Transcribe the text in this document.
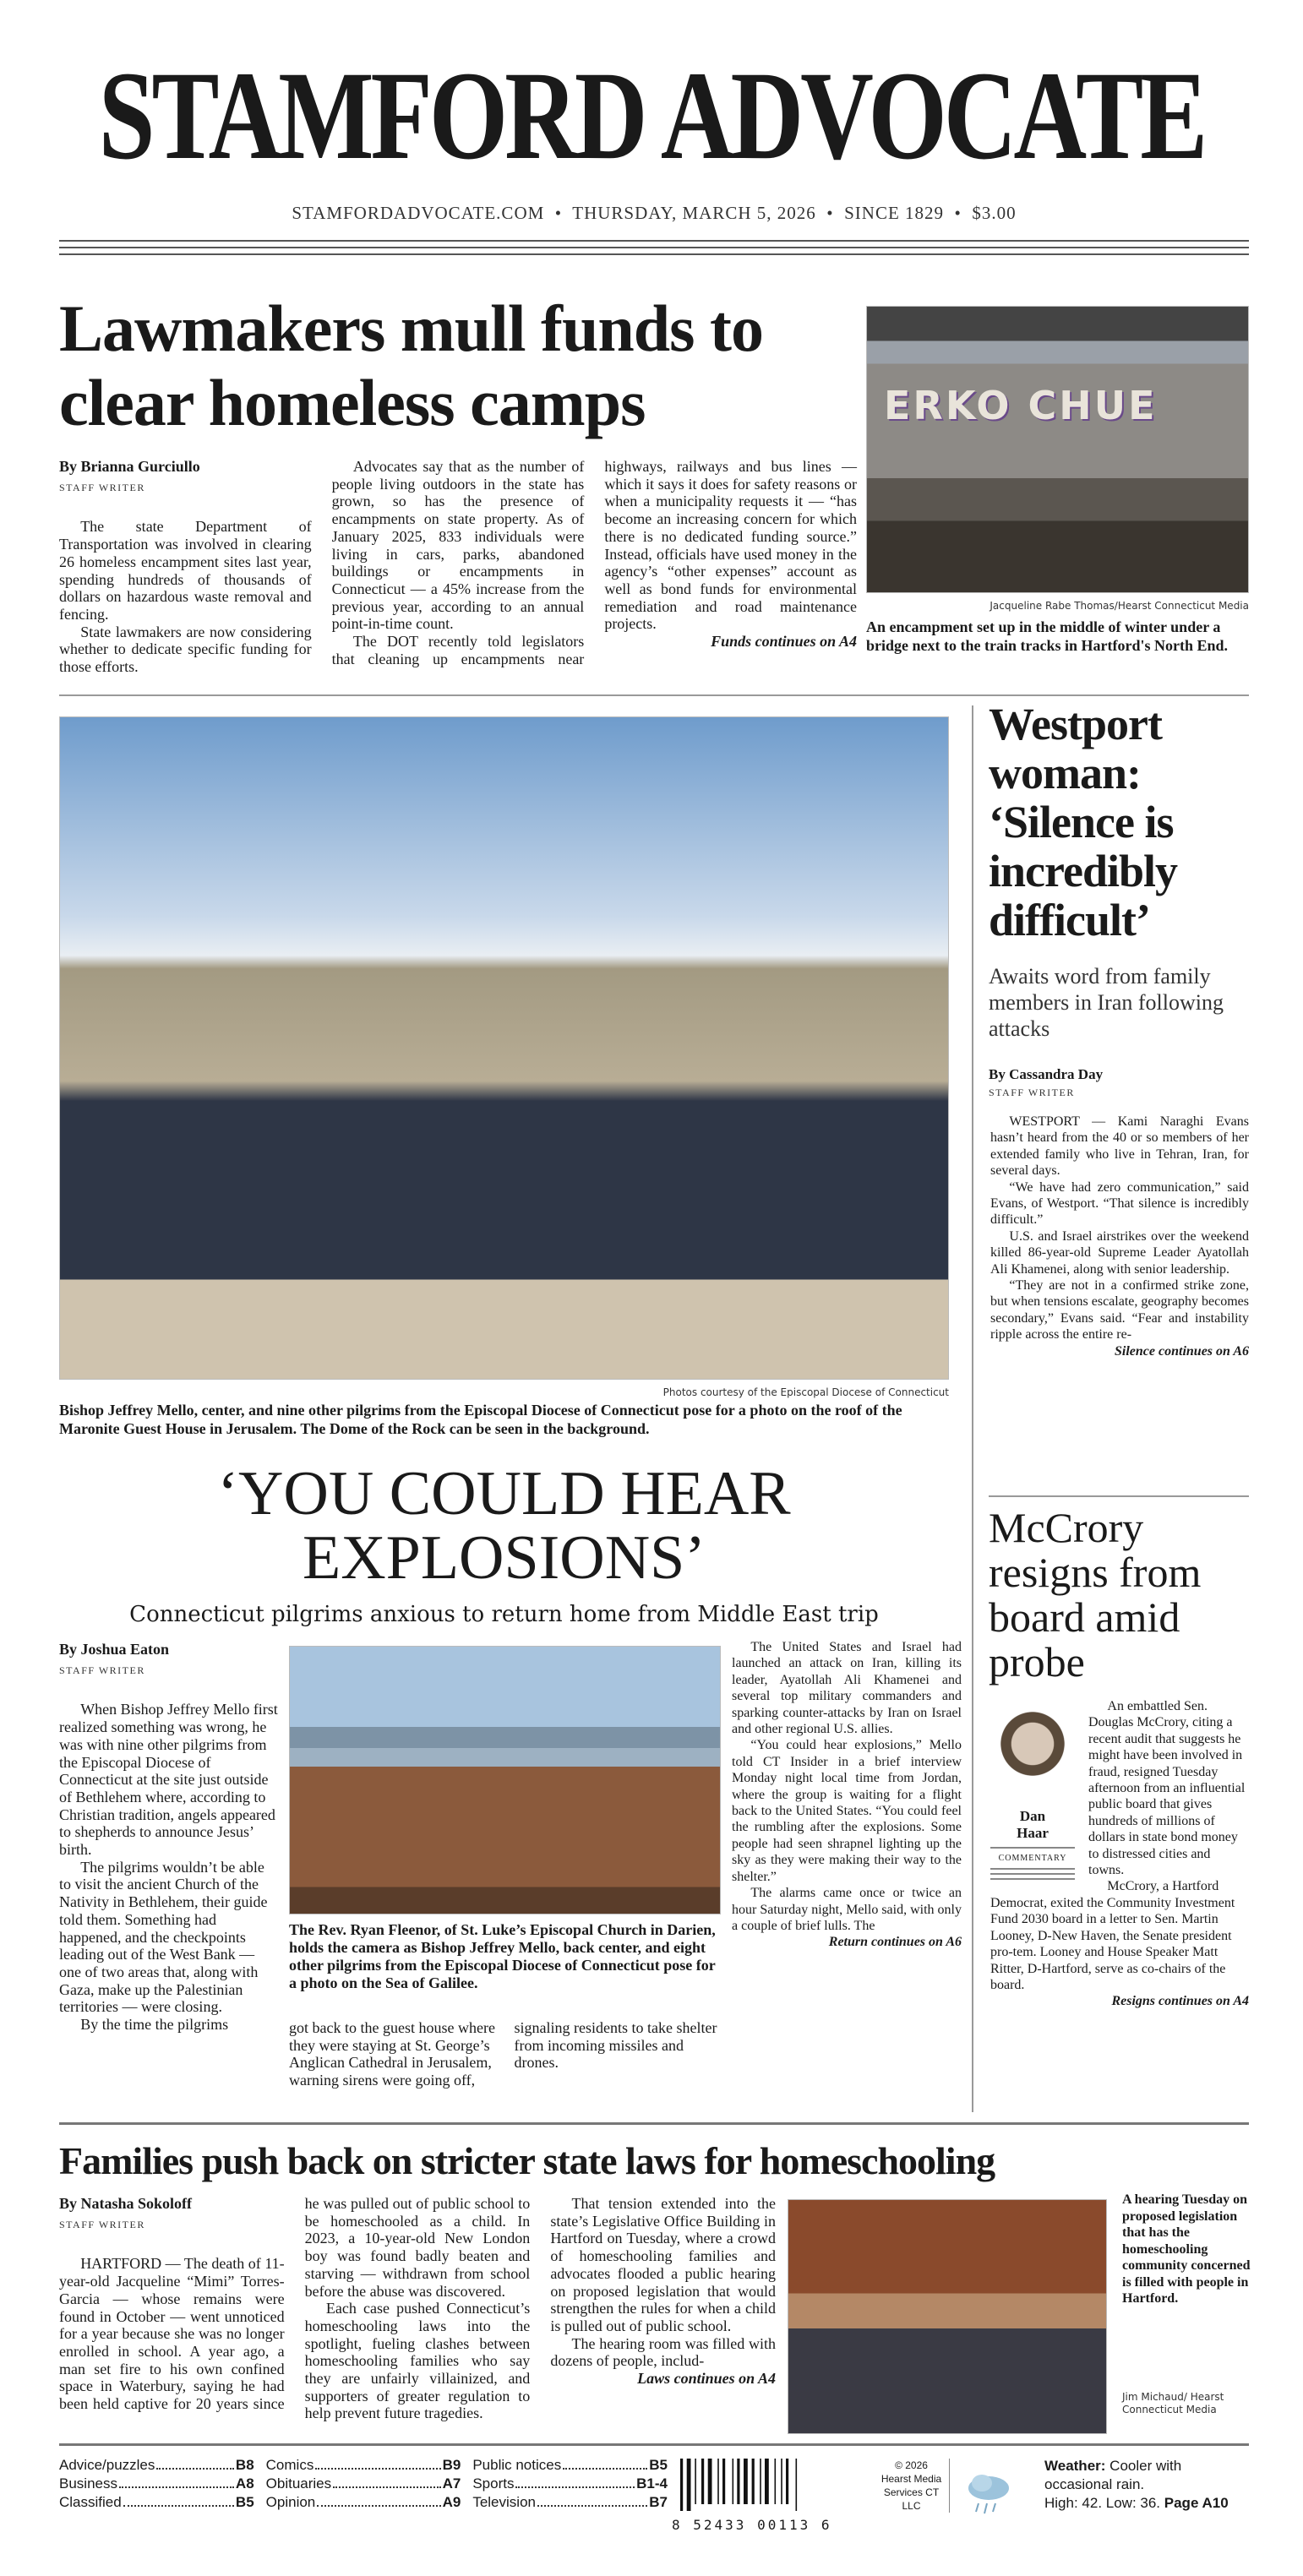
STAMFORD ADVOCATE
STAMFORDADVOCATE.COM  •  THURSDAY, MARCH 5, 2026  •  SINCE 1829  •  $3.00
Lawmakers mull funds to clear homeless camps
By Brianna Gurciullo
STAFF WRITER

The state Department of Transportation was involved in clearing 26 homeless encampment sites last year, spending hundreds of thousands of dollars on hazardous waste removal and fencing.

State lawmakers are now considering whether to dedicate specific funding for those efforts.

Advocates say that as the number of people living outdoors in the state has grown, so has the presence of encampments on state property. As of January 2025, 833 individuals were living in cars, parks, abandoned buildings or encampments in Connecticut — a 45% increase from the previous year, according to an annual point-in-time count.

The DOT recently told legislators that cleaning up encampments near highways, railways and bus lines — which it says it does for safety reasons or when a municipality requests it — “has become an increasing concern for which there is no dedicated funding source.” Instead, officials have used money in the agency’s “other expenses” account as well as bond funds for environmental remediation and road maintenance projects.

Funds continues on A4
ERKO CHUE
Jacqueline Rabe Thomas/Hearst Connecticut Media
An encampment set up in the middle of winter under a bridge next to the train tracks in Hartford's North End.
Photos courtesy of the Episcopal Diocese of Connecticut
Bishop Jeffrey Mello, center, and nine other pilgrims from the Episcopal Diocese of Connecticut pose for a photo on the roof of the Maronite Guest House in Jerusalem. The Dome of the Rock can be seen in the background.
‘YOU COULD HEAR EXPLOSIONS’
Connecticut pilgrims anxious to return home from Middle East trip
By Joshua Eaton
STAFF WRITER

When Bishop Jeffrey Mello first realized something was wrong, he was with nine other pilgrims from the Episcopal Diocese of Connecticut at the site just outside of Bethlehem where, according to Christian tradition, angels appeared to shepherds to announce Jesus’ birth.

The pilgrims wouldn’t be able to visit the ancient Church of the Nativity in Bethlehem, their guide told them. Something had happened, and the checkpoints leading out of the West Bank — one of two areas that, along with Gaza, make up the Palestinian territories — were closing.

By the time the pilgrims

The Rev. Ryan Fleenor, of St. Luke’s Episcopal Church in Darien, holds the camera as Bishop Jeffrey Mello, back center, and eight other pilgrims from the Episcopal Diocese of Connecticut pose for a photo on the Sea of Galilee.

got back to the guest house where they were staying at St. George’s Anglican Cathedral in Jerusalem, warning sirens were going off, signaling residents to take shelter from incoming missiles and drones.

The United States and Israel had launched an attack on Iran, killing its leader, Ayatollah Ali Khamenei and several top military commanders and sparking counter-attacks by Iran on Israel and other regional U.S. allies.

“You could hear explosions,” Mello told CT Insider in a brief interview Monday night local time from Jordan, where the group is waiting for a flight back to the United States. “You could feel the rumbling after the explosions. Some people had seen shrapnel lighting up the sky as they were making their way to the shelter.”

The alarms came once or twice an hour Saturday night, Mello said, with only a couple of brief lulls. The

Return continues on A6
Westport woman: ‘Silence is incredibly difficult’
Awaits word from family members in Iran following attacks
By Cassandra Day
STAFF WRITER

WESTPORT — Kami Naraghi Evans hasn’t heard from the 40 or so members of her extended family who live in Tehran, Iran, for several days.

“We have had zero communication,” said Evans, of Westport. “That silence is incredibly difficult.”

U.S. and Israel airstrikes over the weekend killed 86-year-old Supreme Leader Ayatollah Ali Khamenei, along with senior leadership.

“They are not in a confirmed strike zone, but when tensions escalate, geography becomes secondary,” Evans said. “Fear and instability ripple across the entire re-

Silence continues on A6
McCrory resigns from board amid probe
Dan Haar
COMMENTARY

An embattled Sen. Douglas McCrory, citing a recent audit that suggests he might have been involved in fraud, resigned Tuesday afternoon from an influential public board that gives hundreds of millions of dollars in state bond money to distressed cities and towns.

McCrory, a Hartford Democrat, exited the Community Investment Fund 2030 board in a letter to Sen. Martin Looney, D-New Haven, the Senate president pro-tem. Looney and House Speaker Matt Ritter, D-Hartford, serve as co-chairs of the board.

Resigns continues on A4
Families push back on stricter state laws for homeschooling
By Natasha Sokoloff
STAFF WRITER

HARTFORD — The death of 11-year-old Jacqueline “Mimi” Torres-Garcia — whose remains were found in October — went unnoticed for a year because she was no longer enrolled in school. A year ago, a man set fire to his own confined space in Waterbury, saying he had been held captive for 20 years since he was pulled out of public school to be homeschooled as a child. In 2023, a 10-year-old New London boy was found badly beaten and starving — withdrawn from school before the abuse was discovered.

Each case pushed Connecticut’s homeschooling laws into the spotlight, fueling clashes between homeschooling families who say they are unfairly villainized, and supporters of greater regulation to help prevent future tragedies.

That tension extended into the state’s Legislative Office Building in Hartford on Tuesday, where a crowd of homeschooling families and advocates flooded a public hearing on proposed legislation that would strengthen the rules for when a child is pulled out of public school.

The hearing room was filled with dozens of people, includ-

Laws continues on A4
A hearing Tuesday on proposed legislation that has the homeschooling community concerned is filled with people in Hartford.
Jim Michaud/ Hearst Connecticut Media
Advice/puzzles	B8
Business	A8
Classified	B5
Comics	B9
Obituaries	A7
Opinion	A9
Public notices	B5
Sports	B1-4
Television	B7
8 52433 00113 6
© 2026 Hearst Media Services CT LLC
Weather: Cooler with occasional rain.
High: 42. Low: 36. Page A10
